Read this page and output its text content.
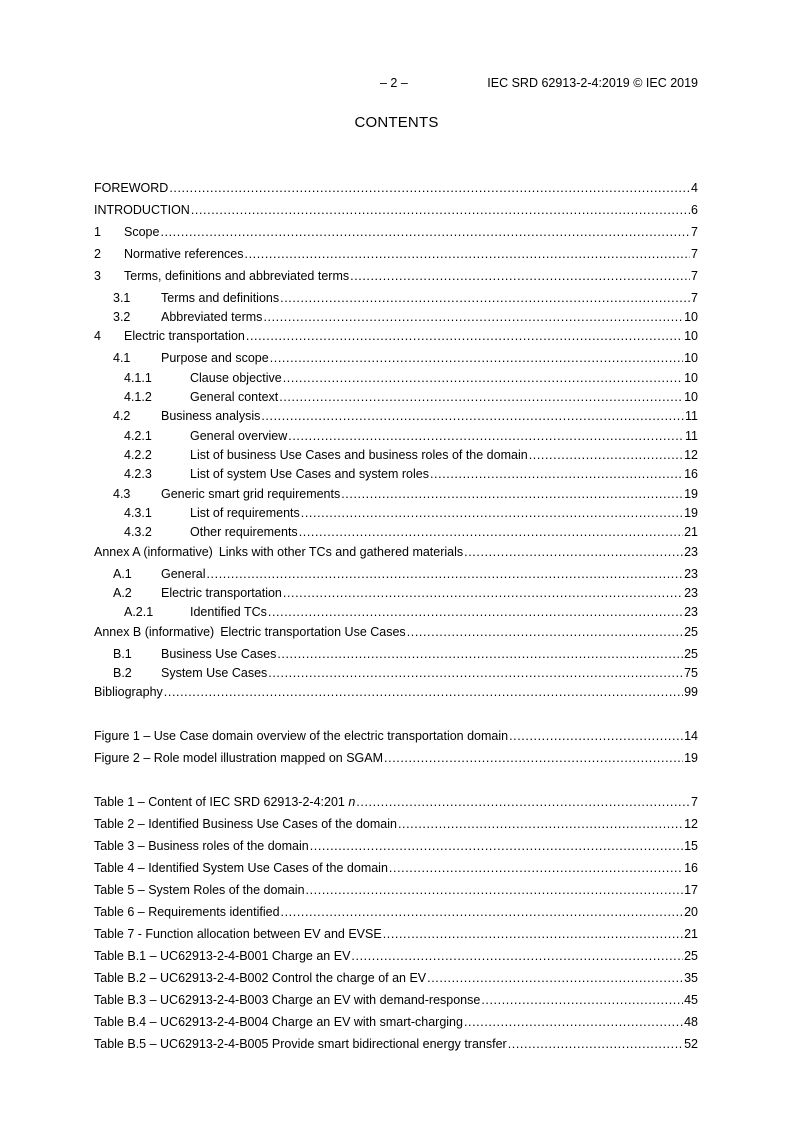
– 2 –	IEC SRD 62913-2-4:2019 © IEC 2019
CONTENTS
FOREWORD .....	4
INTRODUCTION .....	6
1	Scope .....	7
2	Normative references .....	7
3	Terms, definitions and abbreviated terms .....	7
3.1	Terms and definitions .....	7
3.2	Abbreviated terms .....	10
4	Electric transportation .....	10
4.1	Purpose and scope .....	10
4.1.1	Clause objective .....	10
4.1.2	General context .....	10
4.2	Business analysis .....	11
4.2.1	General overview .....	11
4.2.2	List of business Use Cases and business roles of the domain .....	12
4.2.3	List of system Use Cases and system roles .....	16
4.3	Generic smart grid requirements .....	19
4.3.1	List of requirements .....	19
4.3.2	Other requirements .....	21
Annex A (informative) Links with other TCs and gathered materials .....	23
A.1	General .....	23
A.2	Electric transportation .....	23
A.2.1	Identified TCs .....	23
Annex B (informative) Electric transportation Use Cases .....	25
B.1	Business Use Cases .....	25
B.2	System Use Cases .....	75
Bibliography .....	99
Figure 1 – Use Case domain overview of the electric transportation domain .....	14
Figure 2 – Role model illustration mapped on SGAM .....	19
Table 1 – Content of IEC SRD 62913-2-4:201 n .....	7
Table 2 – Identified Business Use Cases of the domain .....	12
Table 3 – Business roles of the domain .....	15
Table 4 – Identified System Use Cases of the domain .....	16
Table 5 – System Roles of the domain .....	17
Table 6 – Requirements identified .....	20
Table 7 - Function allocation between EV and EVSE .....	21
Table B.1 – UC62913-2-4-B001 Charge an EV .....	25
Table B.2 – UC62913-2-4-B002 Control the charge of an EV .....	35
Table B.3 – UC62913-2-4-B003 Charge an EV with demand-response .....	45
Table B.4 – UC62913-2-4-B004 Charge an EV with smart-charging .....	48
Table B.5 – UC62913-2-4-B005 Provide smart bidirectional energy transfer .....	52
